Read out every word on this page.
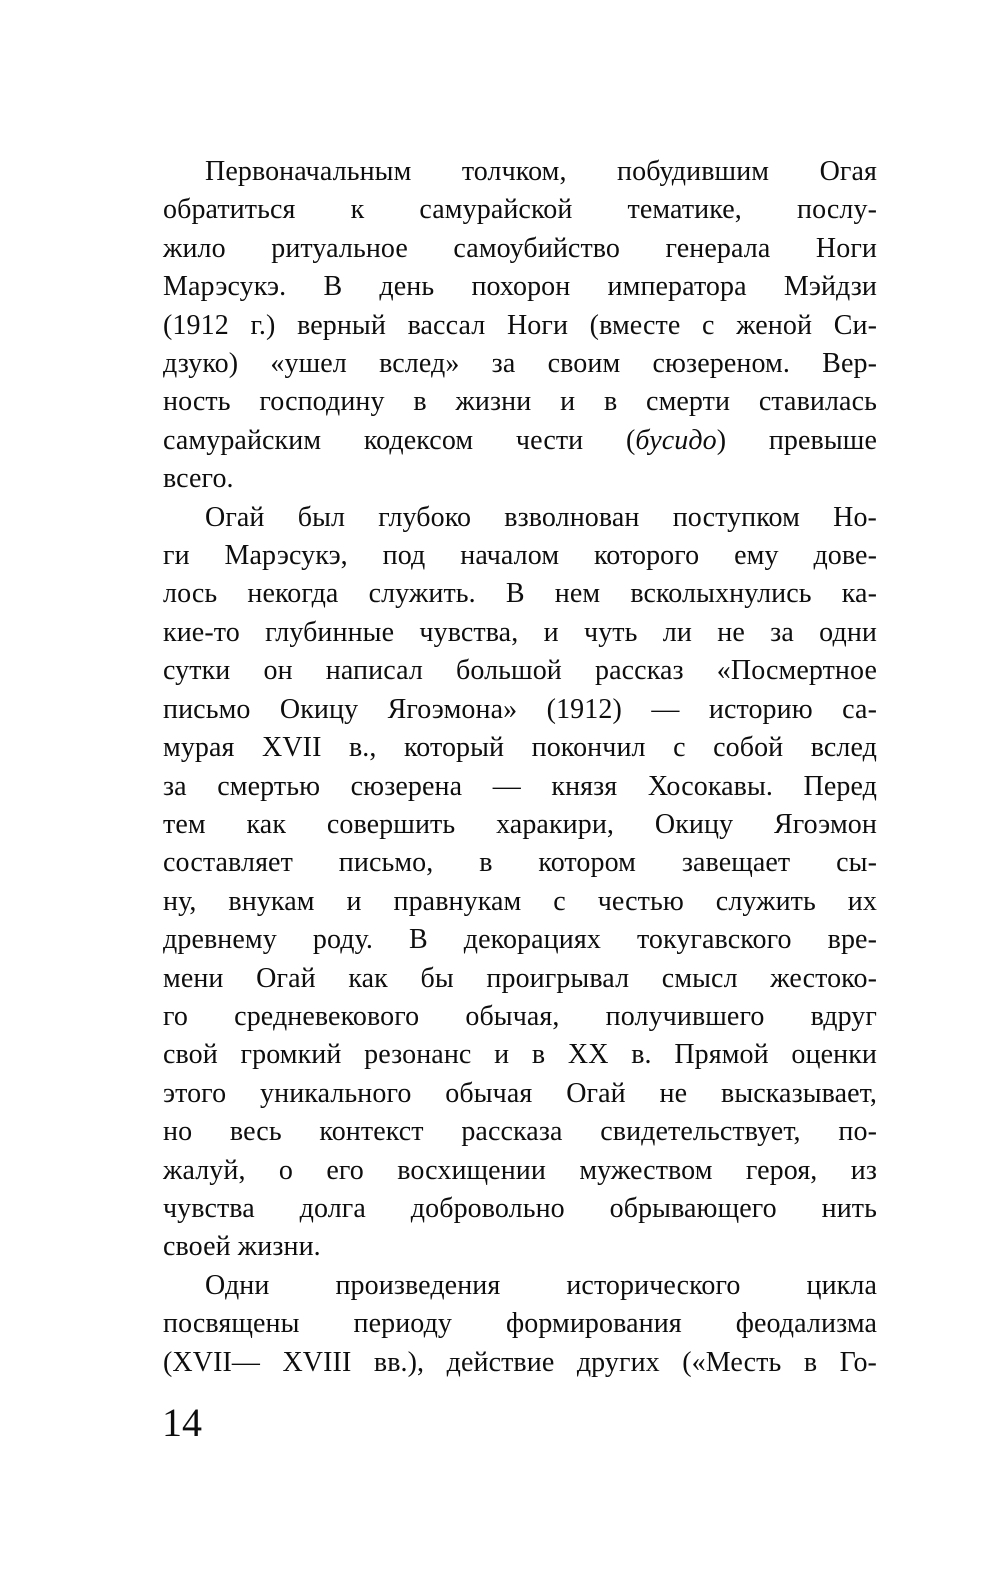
Первоначальным толчком, побудившим Огая
обратиться к самурайской тематике, послу-
жило ритуальное самоубийство генерала Ноги
Марэсукэ. В день похорон императора Мэйдзи
(1912 г.) верный вассал Ноги (вместе с женой Си-
дзуко) «ушел вслед» за своим сюзереном. Вер-
ность господину в жизни и в смерти ставилась
самурайским кодексом чести (бусидо) превыше
всего.
Огай был глубоко взволнован поступком Но-
ги Марэсукэ, под началом которого ему дове-
лось некогда служить. В нем всколыхнулись ка-
кие-то глубинные чувства, и чуть ли не за одни
сутки он написал большой рассказ «Посмертное
письмо Окицу Ягоэмона» (1912) — историю са-
мурая XVII в., который покончил с собой вслед
за смертью сюзерена — князя Хосокавы. Перед
тем как совершить харакири, Окицу Ягоэмон
составляет письмо, в котором завещает сы-
ну, внукам и правнукам с честью служить их
древнему роду. В декорациях токугавского вре-
мени Огай как бы проигрывал смысл жестоко-
го средневекового обычая, получившего вдруг
свой громкий резонанс и в XX в. Прямой оценки
этого уникального обычая Огай не высказывает,
но весь контекст рассказа свидетельствует, по-
жалуй, о его восхищении мужеством героя, из
чувства долга добровольно обрывающего нить
своей жизни.
Одни произведения исторического цикла
посвящены периоду формирования феодализма
(XVII— XVIII вв.), действие других («Месть в Го-
14
